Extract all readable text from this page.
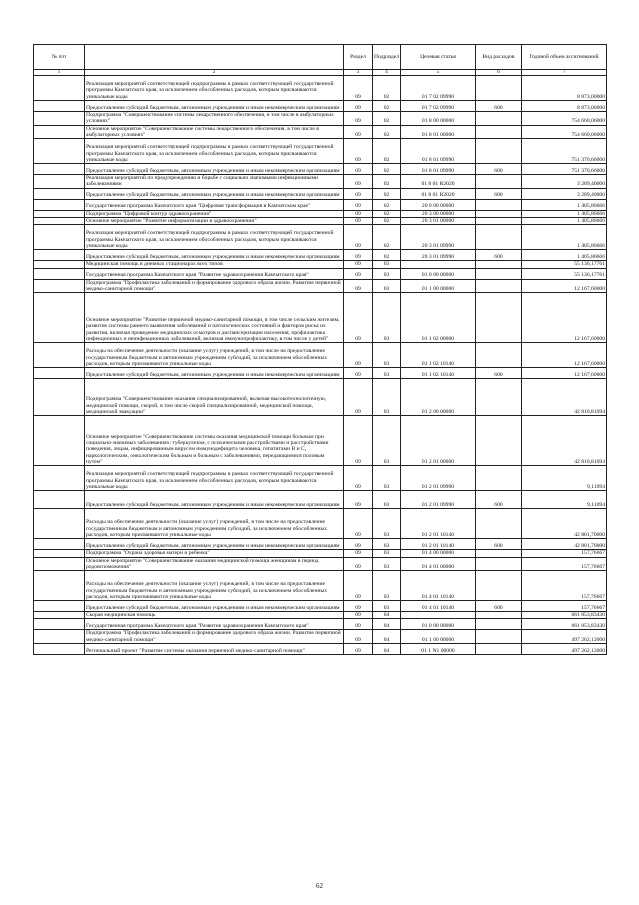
№ п/п		Раздел	Подраздел	Целевая статья	Вид расходов	Годовой объем ассигнований
1	2	3	4	5	6	7
	Реализация мероприятий соответствующей подпрограммы в рамках соответствующей государственной программы Камчатского края, за исключением обособленных расходов, которым присваиваются уникальные коды	09	02	01 7 02 09990		8 873,00000
	Предоставление субсидий бюджетным, автономным учреждениям и иным некоммерческим организациям	09	02	01 7 02 09990	600	8 873,00000
	Подпрограмма "Совершенствование системы лекарственного обеспечения, в том числе в амбулаторных условиях"	09	02	01 8 00 00000		754 660,06000
	Основное мероприятие "Совершенствование системы лекарственного обеспечения, в том числе в амбулаторных условиях"	09	02	01 8 01 00000		754 660,06000
	Реализация мероприятий соответствующей подпрограммы в рамках соответствующей государственной программы Камчатского края, за исключением обособленных расходов, которым присваиваются уникальные коды	09	02	01 8 01 09990		751 370,66000
	Предоставление субсидий бюджетным, автономным учреждениям и иным некоммерческим организациям	09	02	01 8 01 09990	600	751 370,66000
	Реализация мероприятий по предупреждению и борьбе с социально значимыми инфекционными заболеваниями	09	02	01 8 01 R2020		3 289,40000
	Предоставление субсидий бюджетным, автономным учреждениям и иным некоммерческим организациям	09	02	01 8 01 R2020	600	3 289,40000
	Государственная программа Камчатского края "Цифровая трансформация в Камчатском крае"	09	02	20 0 00 00000		1 405,86666
	Подпрограмма "Цифровой контур здравоохранения"	09	02	20 3 00 00000		1 405,86666
	Основное мероприятие "Развитие информатизации в здравоохранении"	09	02	20 3 01 00000		1 405,86666
	Реализация мероприятий соответствующей подпрограммы в рамках соответствующей государственной программы Камчатского края, за исключением обособленных расходов, которым присваиваются уникальные коды	09	02	20 3 01 09990		1 405,86666
	Предоставление субсидий бюджетным, автономным учреждениям и иным некоммерческим организациям	09	02	20 3 01 09990	600	1 405,86666
	Медицинская помощь в дневных стационарах всех типов	09	03			55 136,17761
	Государственная программа Камчатского края "Развитие здравоохранения Камчатского края"	09	03	01 0 00 00000		55 136,17761
	Подпрограмма "Профилактика заболеваний и формирование здорового образа жизни. Развитие первичной медико-санитарной помощи"	09	03	01 1 00 00000		12 167,60000
	Основное мероприятие "Развитие первичной медико-санитарной помощи, в том числе сельским жителям, развитие системы раннего выявления заболеваний и патологических состояний и факторов риска их развития, включая проведение медицинских осмотров и диспансеризации населения, профилактика инфекционных и неинфекционных заболеваний, включая иммунопрофилактику, в том числе у детей"	09	03	01 1 02 00000		12 167,60000
	Расходы на обеспечение деятельности (оказание услуг) учреждений, в том числе на предоставление государственным бюджетным и автономным учреждениям субсидий, за исключением обособленных расходов, которым присваиваются уникальные коды	09	03	01 1 02 10140		12 167,60000
	Предоставление субсидий бюджетным, автономным учреждениям и иным некоммерческим организациям	09	03	01 1 02 10140	600	12 167,60000
	Подпрограмма "Совершенствование оказания специализированной, включая высокотехнологичную, медицинской помощи, скорой, в том числе скорой специализированной, медицинской помощи, медицинской эвакуации"	09	03	01 2 00 00000		42 810,81094
	Основное мероприятие "Совершенствование системы оказания медицинской помощи больным при социально-значимых заболеваниях: туберкулезом, с психическими расстройствами и расстройствами поведения, лицам, инфицированным вирусом иммунодефицита человека, гепатитами В и С, наркологическим, онкологическим больным и больным с заболеваниями, передающимися половым путем"	09	03	01 2 01 00000		42 810,81094
	Реализация мероприятий соответствующей подпрограммы в рамках соответствующей государственной программы Камчатского края, за исключением обособленных расходов, которым присваиваются уникальные коды	09	03	01 2 01 09990		9,11094
	Предоставление субсидий бюджетным, автономным учреждениям и иным некоммерческим организациям	09	03	01 2 01 09990	600	9,11094
	Расходы на обеспечение деятельности (оказание услуг) учреждений, в том числе на предоставление государственным бюджетным и автономным учреждениям субсидий, за исключением обособленных расходов, которым присваиваются уникальные коды	09	03	01 2 01 10140		42 801,70000
	Предоставление субсидий бюджетным, автономным учреждениям и иным некоммерческим организациям	09	03	01 2 01 10140	600	42 801,70000
	Подпрограмма "Охрана здоровья матери и ребенка"	09	03	01 4 00 00000		157,76667
	Основное мероприятие "Совершенствование оказания медицинской помощи женщинам в период родовспоможения"	09	03	01 4 01 00000		157,76667
	Расходы на обеспечение деятельности (оказание услуг) учреждений, в том числе на предоставление государственным бюджетным и автономным учреждениям субсидий, за исключением обособленных расходов, которым присваиваются уникальные коды	09	03	01 4 01 10140		157,76667
	Предоставление субсидий бюджетным, автономным учреждениям и иным некоммерческим организациям	09	03	01 4 01 10140	600	157,76667
	Скорая медицинская помощь	09	04			661 853,83430
	Государственная программа Камчатского края "Развитие здравоохранения Камчатского края"	09	04	01 0 00 00000		661 853,83430
	Подпрограмма "Профилактика заболеваний и формирование здорового образа жизни. Развитие первичной медико-санитарной помощи"	09	04	01 1 00 00000		497 262,12000
	Региональный проект "Развитие системы оказания первичной медико-санитарной помощи"	09	04	01 1 N1 00000		497 262,12000
62
